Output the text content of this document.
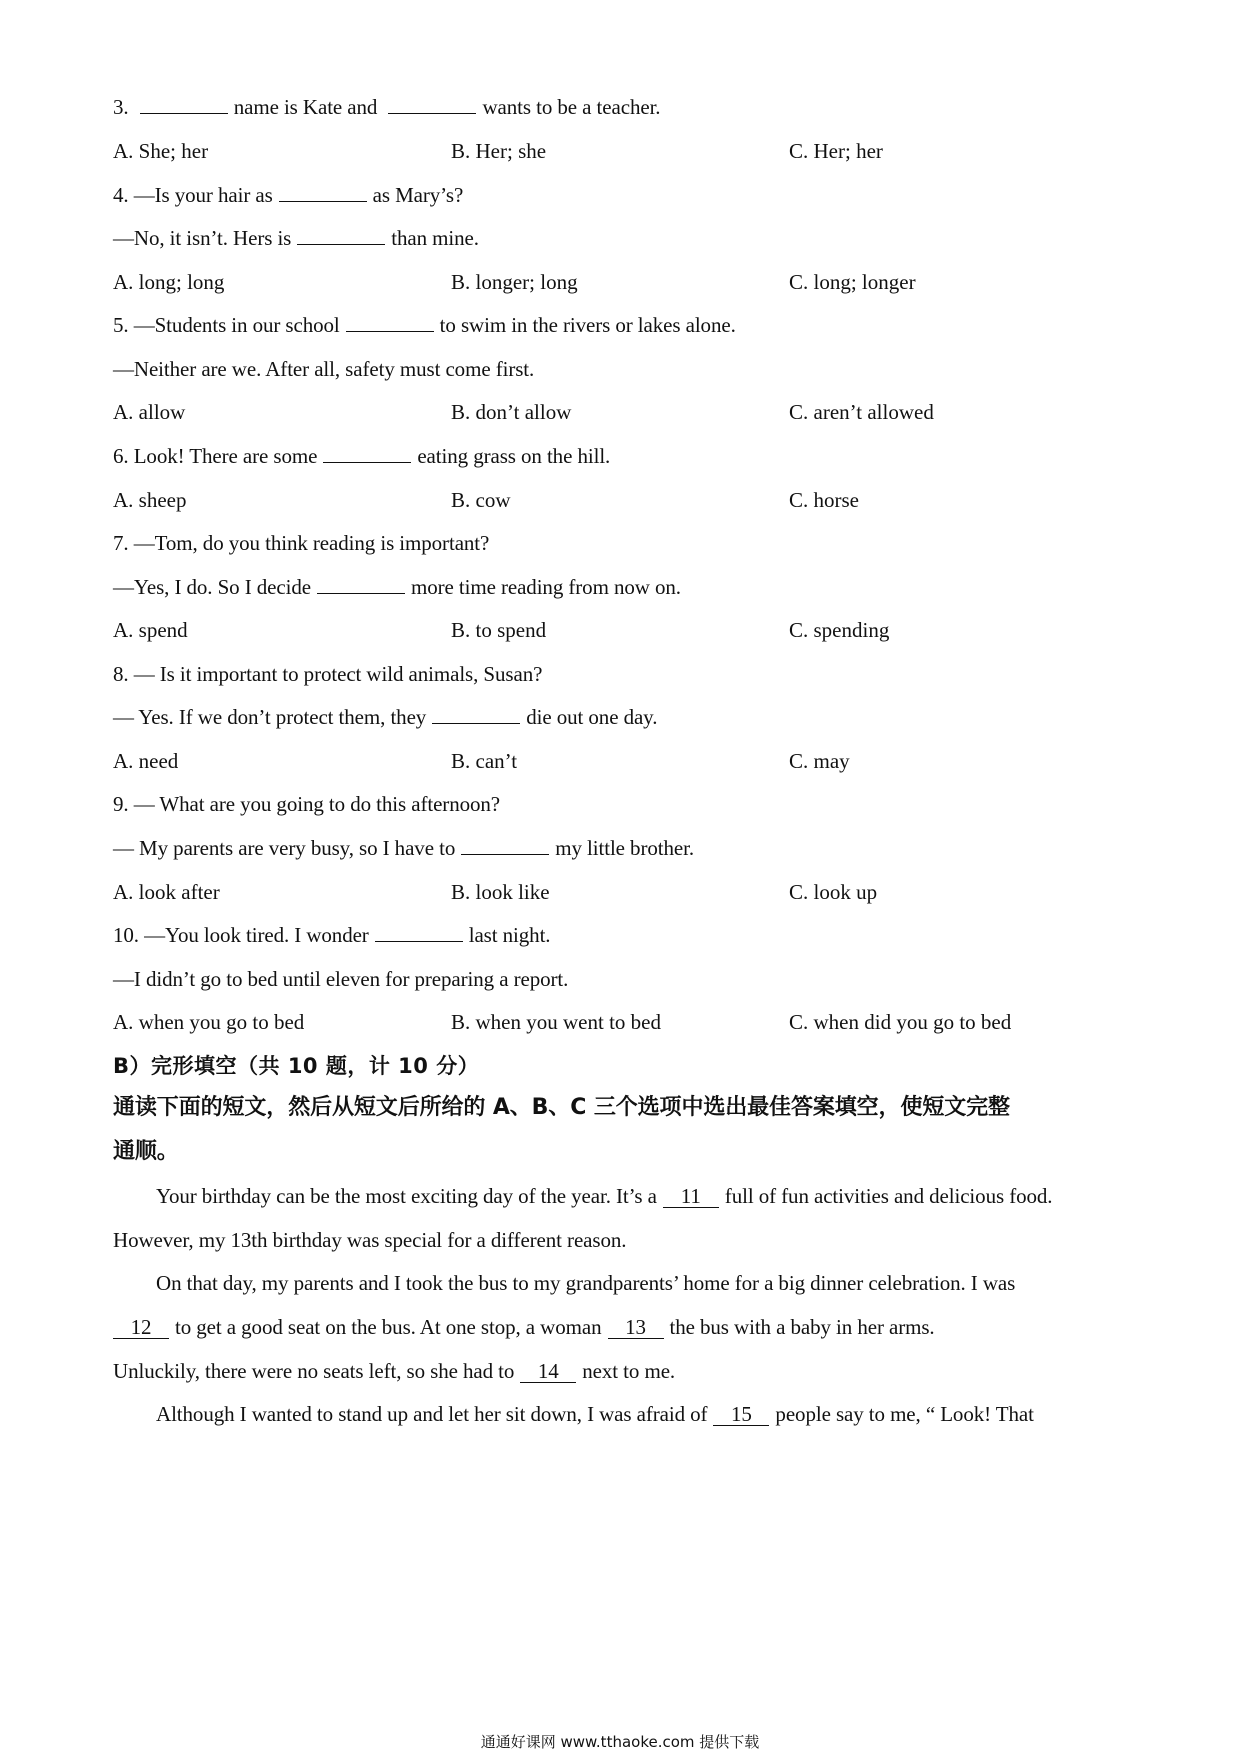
3.	name is Kate and	wants to be a teacher.
A. She; her	B. Her; she	C. Her; her
4. —Is your hair as	as Mary’s?
—No, it isn’t. Hers is	than mine.
A. long; long	B. longer; long	C. long; longer
5. —Students in our school	to swim in the rivers or lakes alone.
—Neither are we. After all, safety must come first.
A. allow	B. don’t allow	C. aren’t allowed
6. Look! There are some	eating grass on the hill.
A. sheep	B. cow	C. horse
7. —Tom, do you think reading is important?
—Yes, I do. So I decide	more time reading from now on.
A. spend	B. to spend	C. spending
8. — Is it important to protect wild animals, Susan?
— Yes. If we don’t protect them, they	die out one day.
A. need	B. can’t	C. may
9. — What are you going to do this afternoon?
— My parents are very busy, so I have to	my little brother.
A. look after	B. look like	C. look up
10. —You look tired. I wonder	last night.
—I didn’t go to bed until eleven for preparing a report.
A. when you go to bed	B. when you went to bed	C. when did you go to bed
B）完形填空（共 10 题，计 10 分）
通读下面的短文，然后从短文后所给的 A、B、C 三个选项中选出最佳答案填空，使短文完整
通顺。
Your birthday can be the most exciting day of the year. It’s a 11 full of fun activities and delicious food.
However, my 13th birthday was special for a different reason.
On that day, my parents and I took the bus to my grandparents’ home for a big dinner celebration. I was
12 to get a good seat on the bus. At one stop, a woman 13 the bus with a baby in her arms.
Unluckily, there were no seats left, so she had to 14 next to me.
Although I wanted to stand up and let her sit down, I was afraid of 15 people say to me, “ Look! That
通通好课网 www.tthaoke.com 提供下载
